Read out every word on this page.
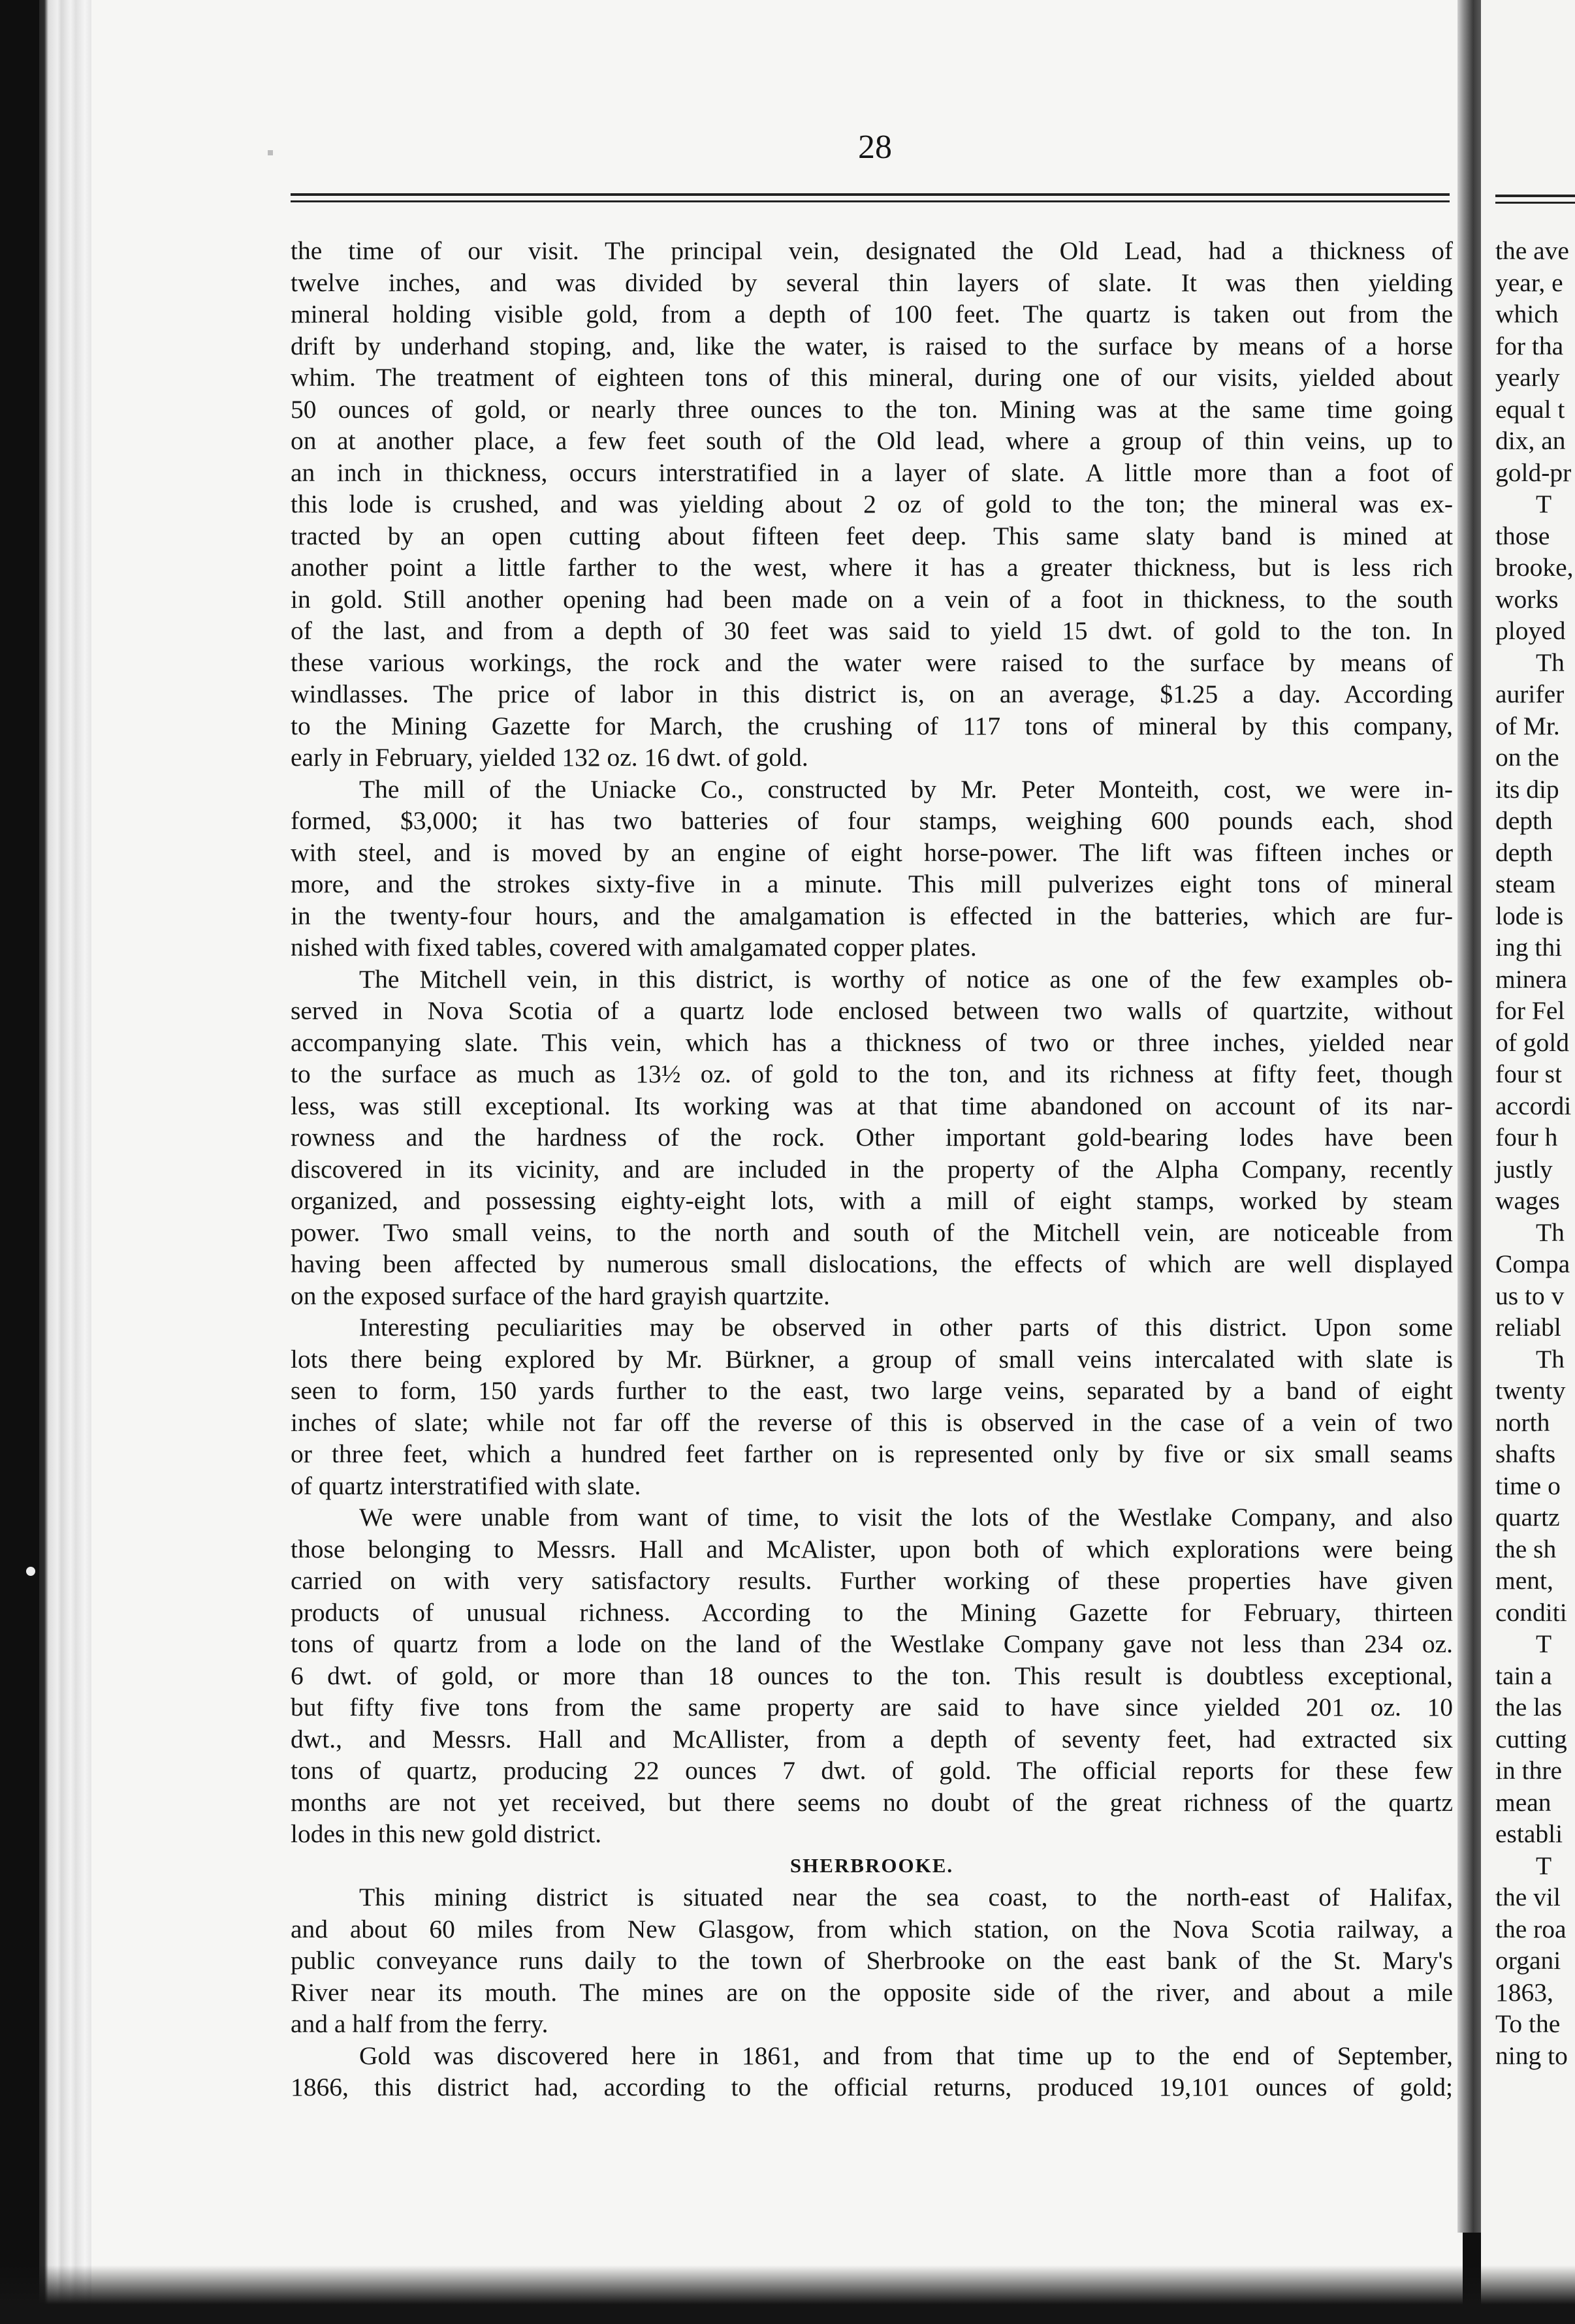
28
the time of our visit. The principal vein, designated the Old Lead, had a thickness of
twelve inches, and was divided by several thin layers of slate. It was then yielding
mineral holding visible gold, from a depth of 100 feet. The quartz is taken out from the
drift by underhand stoping, and, like the water, is raised to the surface by means of a horse
whim. The treatment of eighteen tons of this mineral, during one of our visits, yielded about
50 ounces of gold, or nearly three ounces to the ton. Mining was at the same time going
on at another place, a few feet south of the Old lead, where a group of thin veins, up to
an inch in thickness, occurs interstratified in a layer of slate. A little more than a foot of
this lode is crushed, and was yielding about 2 oz of gold to the ton; the mineral was ex-
tracted by an open cutting about fifteen feet deep. This same slaty band is mined at
another point a little farther to the west, where it has a greater thickness, but is less rich
in gold. Still another opening had been made on a vein of a foot in thickness, to the south
of the last, and from a depth of 30 feet was said to yield 15 dwt. of gold to the ton. In
these various workings, the rock and the water were raised to the surface by means of
windlasses. The price of labor in this district is, on an average, $1.25 a day. According
to the Mining Gazette for March, the crushing of 117 tons of mineral by this company,
early in February, yielded 132 oz. 16 dwt. of gold.
The mill of the Uniacke Co., constructed by Mr. Peter Monteith, cost, we were in-
formed, $3,000; it has two batteries of four stamps, weighing 600 pounds each, shod
with steel, and is moved by an engine of eight horse-power. The lift was fifteen inches or
more, and the strokes sixty-five in a minute. This mill pulverizes eight tons of mineral
in the twenty-four hours, and the amalgamation is effected in the batteries, which are fur-
nished with fixed tables, covered with amalgamated copper plates.
The Mitchell vein, in this district, is worthy of notice as one of the few examples ob-
served in Nova Scotia of a quartz lode enclosed between two walls of quartzite, without
accompanying slate. This vein, which has a thickness of two or three inches, yielded near
to the surface as much as 13½ oz. of gold to the ton, and its richness at fifty feet, though
less, was still exceptional. Its working was at that time abandoned on account of its nar-
rowness and the hardness of the rock. Other important gold-bearing lodes have been
discovered in its vicinity, and are included in the property of the Alpha Company, recently
organized, and possessing eighty-eight lots, with a mill of eight stamps, worked by steam
power. Two small veins, to the north and south of the Mitchell vein, are noticeable from
having been affected by numerous small dislocations, the effects of which are well displayed
on the exposed surface of the hard grayish quartzite.
Interesting peculiarities may be observed in other parts of this district. Upon some
lots there being explored by Mr. Bürkner, a group of small veins intercalated with slate is
seen to form, 150 yards further to the east, two large veins, separated by a band of eight
inches of slate; while not far off the reverse of this is observed in the case of a vein of two
or three feet, which a hundred feet farther on is represented only by five or six small seams
of quartz interstratified with slate.
We were unable from want of time, to visit the lots of the Westlake Company, and also
those belonging to Messrs. Hall and McAlister, upon both of which explorations were being
carried on with very satisfactory results. Further working of these properties have given
products of unusual richness. According to the Mining Gazette for February, thirteen
tons of quartz from a lode on the land of the Westlake Company gave not less than 234 oz.
6 dwt. of gold, or more than 18 ounces to the ton. This result is doubtless exceptional,
but fifty five tons from the same property are said to have since yielded 201 oz. 10
dwt., and Messrs. Hall and McAllister, from a depth of seventy feet, had extracted six
tons of quartz, producing 22 ounces 7 dwt. of gold. The official reports for these few
months are not yet received, but there seems no doubt of the great richness of the quartz
lodes in this new gold district.
SHERBROOKE.
This mining district is situated near the sea coast, to the north-east of Halifax,
and about 60 miles from New Glasgow, from which station, on the Nova Scotia railway, a
public conveyance runs daily to the town of Sherbrooke on the east bank of the St. Mary's
River near its mouth. The mines are on the opposite side of the river, and about a mile
and a half from the ferry.
Gold was discovered here in 1861, and from that time up to the end of September,
1866, this district had, according to the official returns, produced 19,101 ounces of gold;
the ave
year, e
which
for tha
yearly
equal t
dix, an
gold-pr
T
those
brooke,
works
ployed
Th
aurifer
of Mr.
on the
its dip
depth
depth
steam
lode is
ing thi
minera
for Fel
of gold
four st
accordi
four h
justly
wages
Th
Compa
us to v
reliabl
Th
twenty
north
shafts
time o
quartz
the sh
ment,
conditi
T
tain a
the las
cutting
in thre
mean
establi
T
the vil
the roa
organi
1863,
To the
ning to
